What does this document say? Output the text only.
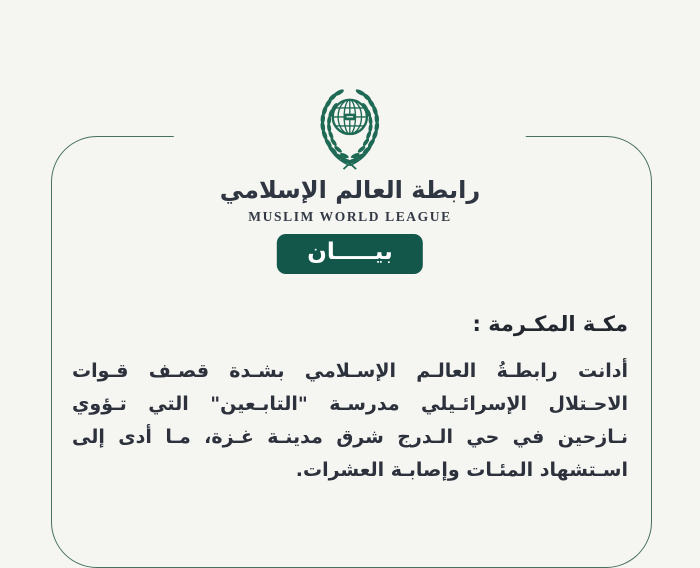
رابطة العالم الإسلامي
MUSLIM WORLD LEAGUE
بيـــــان
مكـة المكـرمة :

أدانت رابطـةُ العالـم الإسـلامي بشـدة قصـف قـوات الاحـتلال الإسرائـيلي مدرسـة "التابـعين" التي تـؤوي نـازحين في حي الـدرج شرق مدينـة غـزة، مـا أدى إلى اسـتشهاد المئـات وإصابـة العشرات.
